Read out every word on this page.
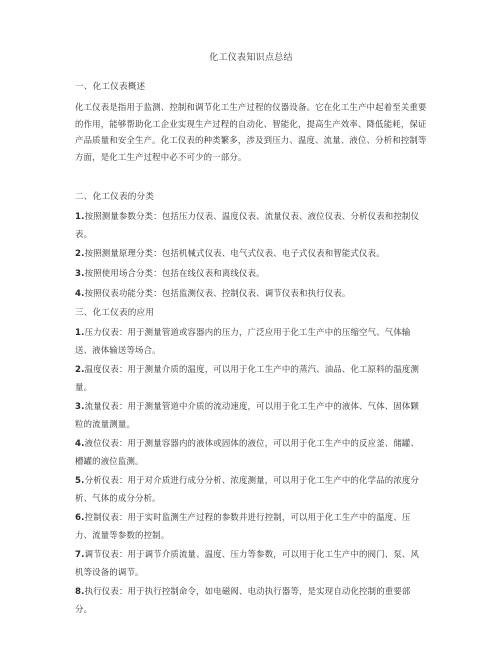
化工仪表知识点总结
一、化工仪表概述
化工仪表是指用于监测、控制和调节化工生产过程的仪器设备。它在化工生产中起着至关重要的作用，能够帮助化工企业实现生产过程的自动化、智能化，提高生产效率、降低能耗，保证产品质量和安全生产。化工仪表的种类繁多，涉及到压力、温度、流量、液位、分析和控制等方面，是化工生产过程中必不可少的一部分。
二、化工仪表的分类
1.按照测量参数分类：包括压力仪表、温度仪表、流量仪表、液位仪表、分析仪表和控制仪表。
2.按照测量原理分类：包括机械式仪表、电气式仪表、电子式仪表和智能式仪表。
3.按照使用场合分类：包括在线仪表和离线仪表。
4.按照仪表功能分类：包括监测仪表、控制仪表、调节仪表和执行仪表。
三、化工仪表的应用
1.压力仪表：用于测量管道或容器内的压力，广泛应用于化工生产中的压缩空气、气体输送、液体输送等场合。
2.温度仪表：用于测量介质的温度，可以用于化工生产中的蒸汽、油品、化工原料的温度测量。
3.流量仪表：用于测量管道中介质的流动速度，可以用于化工生产中的液体、气体、固体颗粒的流量测量。
4.液位仪表：用于测量容器内的液体或固体的液位，可以用于化工生产中的反应釜、储罐、槽罐的液位监测。
5.分析仪表：用于对介质进行成分分析、浓度测量，可以用于化工生产中的化学品的浓度分析、气体的成分分析。
6.控制仪表：用于实时监测生产过程的参数并进行控制，可以用于化工生产中的温度、压力、流量等参数的控制。
7.调节仪表：用于调节介质流量、温度、压力等参数，可以用于化工生产中的阀门、泵、风机等设备的调节。
8.执行仪表：用于执行控制命令，如电磁阀、电动执行器等，是实现自动化控制的重要部分。
